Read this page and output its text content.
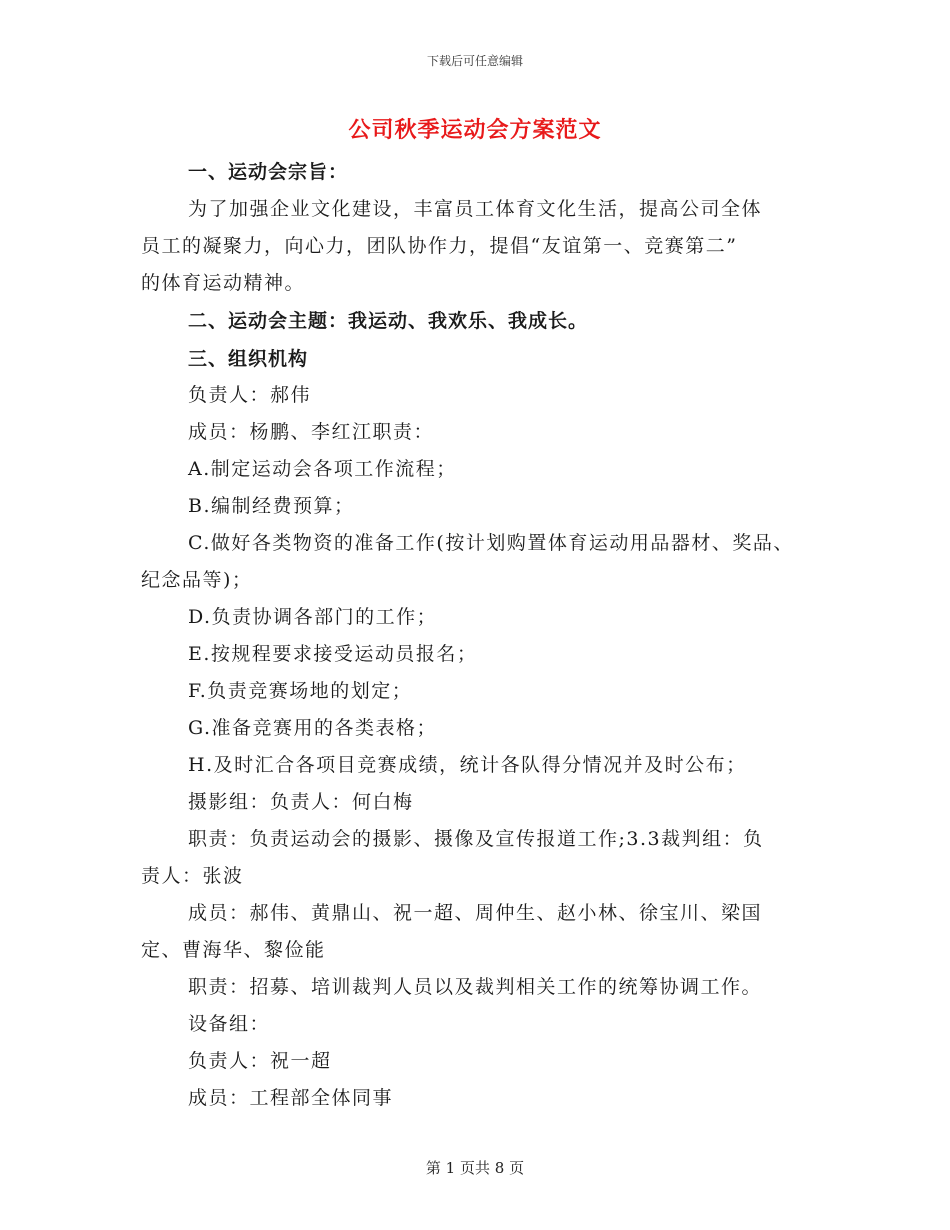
下载后可任意编辑
公司秋季运动会方案范文
一、运动会宗旨：
为了加强企业文化建设，丰富员工体育文化生活，提高公司全体
员工的凝聚力，向心力，团队协作力，提倡“友谊第一、竞赛第二”
的体育运动精神。
二、运动会主题：我运动、我欢乐、我成长。
三、组织机构
负责人：郝伟
成员：杨鹏、李红江职责：
A.制定运动会各项工作流程；
B.编制经费预算；
C.做好各类物资的准备工作(按计划购置体育运动用品器材、奖品、
纪念品等)；
D.负责协调各部门的工作；
E.按规程要求接受运动员报名；
F.负责竞赛场地的划定；
G.准备竞赛用的各类表格；
H.及时汇合各项目竞赛成绩，统计各队得分情况并及时公布；
摄影组：负责人：何白梅
职责：负责运动会的摄影、摄像及宣传报道工作;3.3裁判组：负
责人：张波
成员：郝伟、黄鼎山、祝一超、周仲生、赵小林、徐宝川、梁国
定、曹海华、黎俭能
职责：招募、培训裁判人员以及裁判相关工作的统筹协调工作。
设备组：
负责人：祝一超
成员：工程部全体同事
第 1 页共 8 页
